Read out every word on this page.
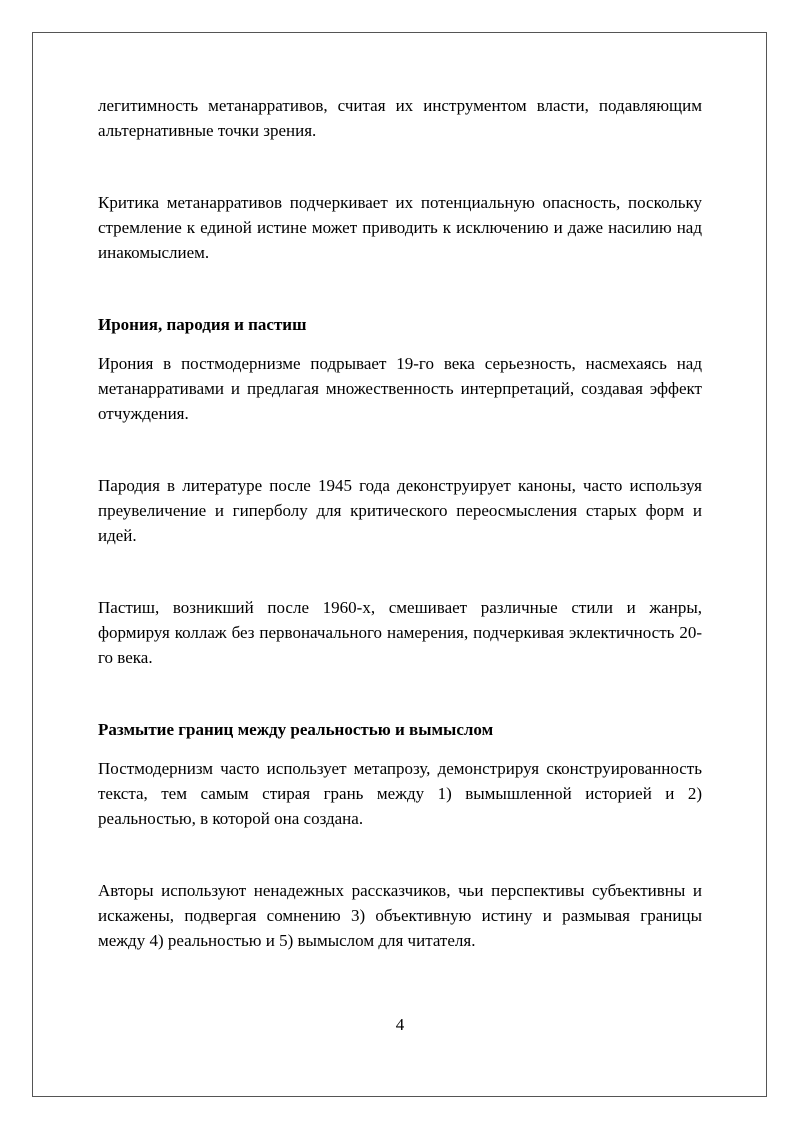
легитимность метанарративов, считая их инструментом власти, подавляющим альтернативные точки зрения.

Критика метанарративов подчеркивает их потенциальную опасность, поскольку стремление к единой истине может приводить к исключению и даже насилию над инакомыслием.

Ирония, пародия и пастиш

Ирония в постмодернизме подрывает 19-го века серьезность, насмехаясь над метанарративами и предлагая множественность интерпретаций, создавая эффект отчуждения.

Пародия в литературе после 1945 года деконструирует каноны, часто используя преувеличение и гиперболу для критического переосмысления старых форм и идей.

Пастиш, возникший после 1960-х, смешивает различные стили и жанры, формируя коллаж без первоначального намерения, подчеркивая эклектичность 20-го века.

Размытие границ между реальностью и вымыслом

Постмодернизм часто использует метапрозу, демонстрируя сконструированность текста, тем самым стирая грань между 1) вымышленной историей и 2) реальностью, в которой она создана.

Авторы используют ненадежных рассказчиков, чьи перспективы субъективны и искажены, подвергая сомнению 3) объективную истину и размывая границы между 4) реальностью и 5) вымыслом для читателя.

4
